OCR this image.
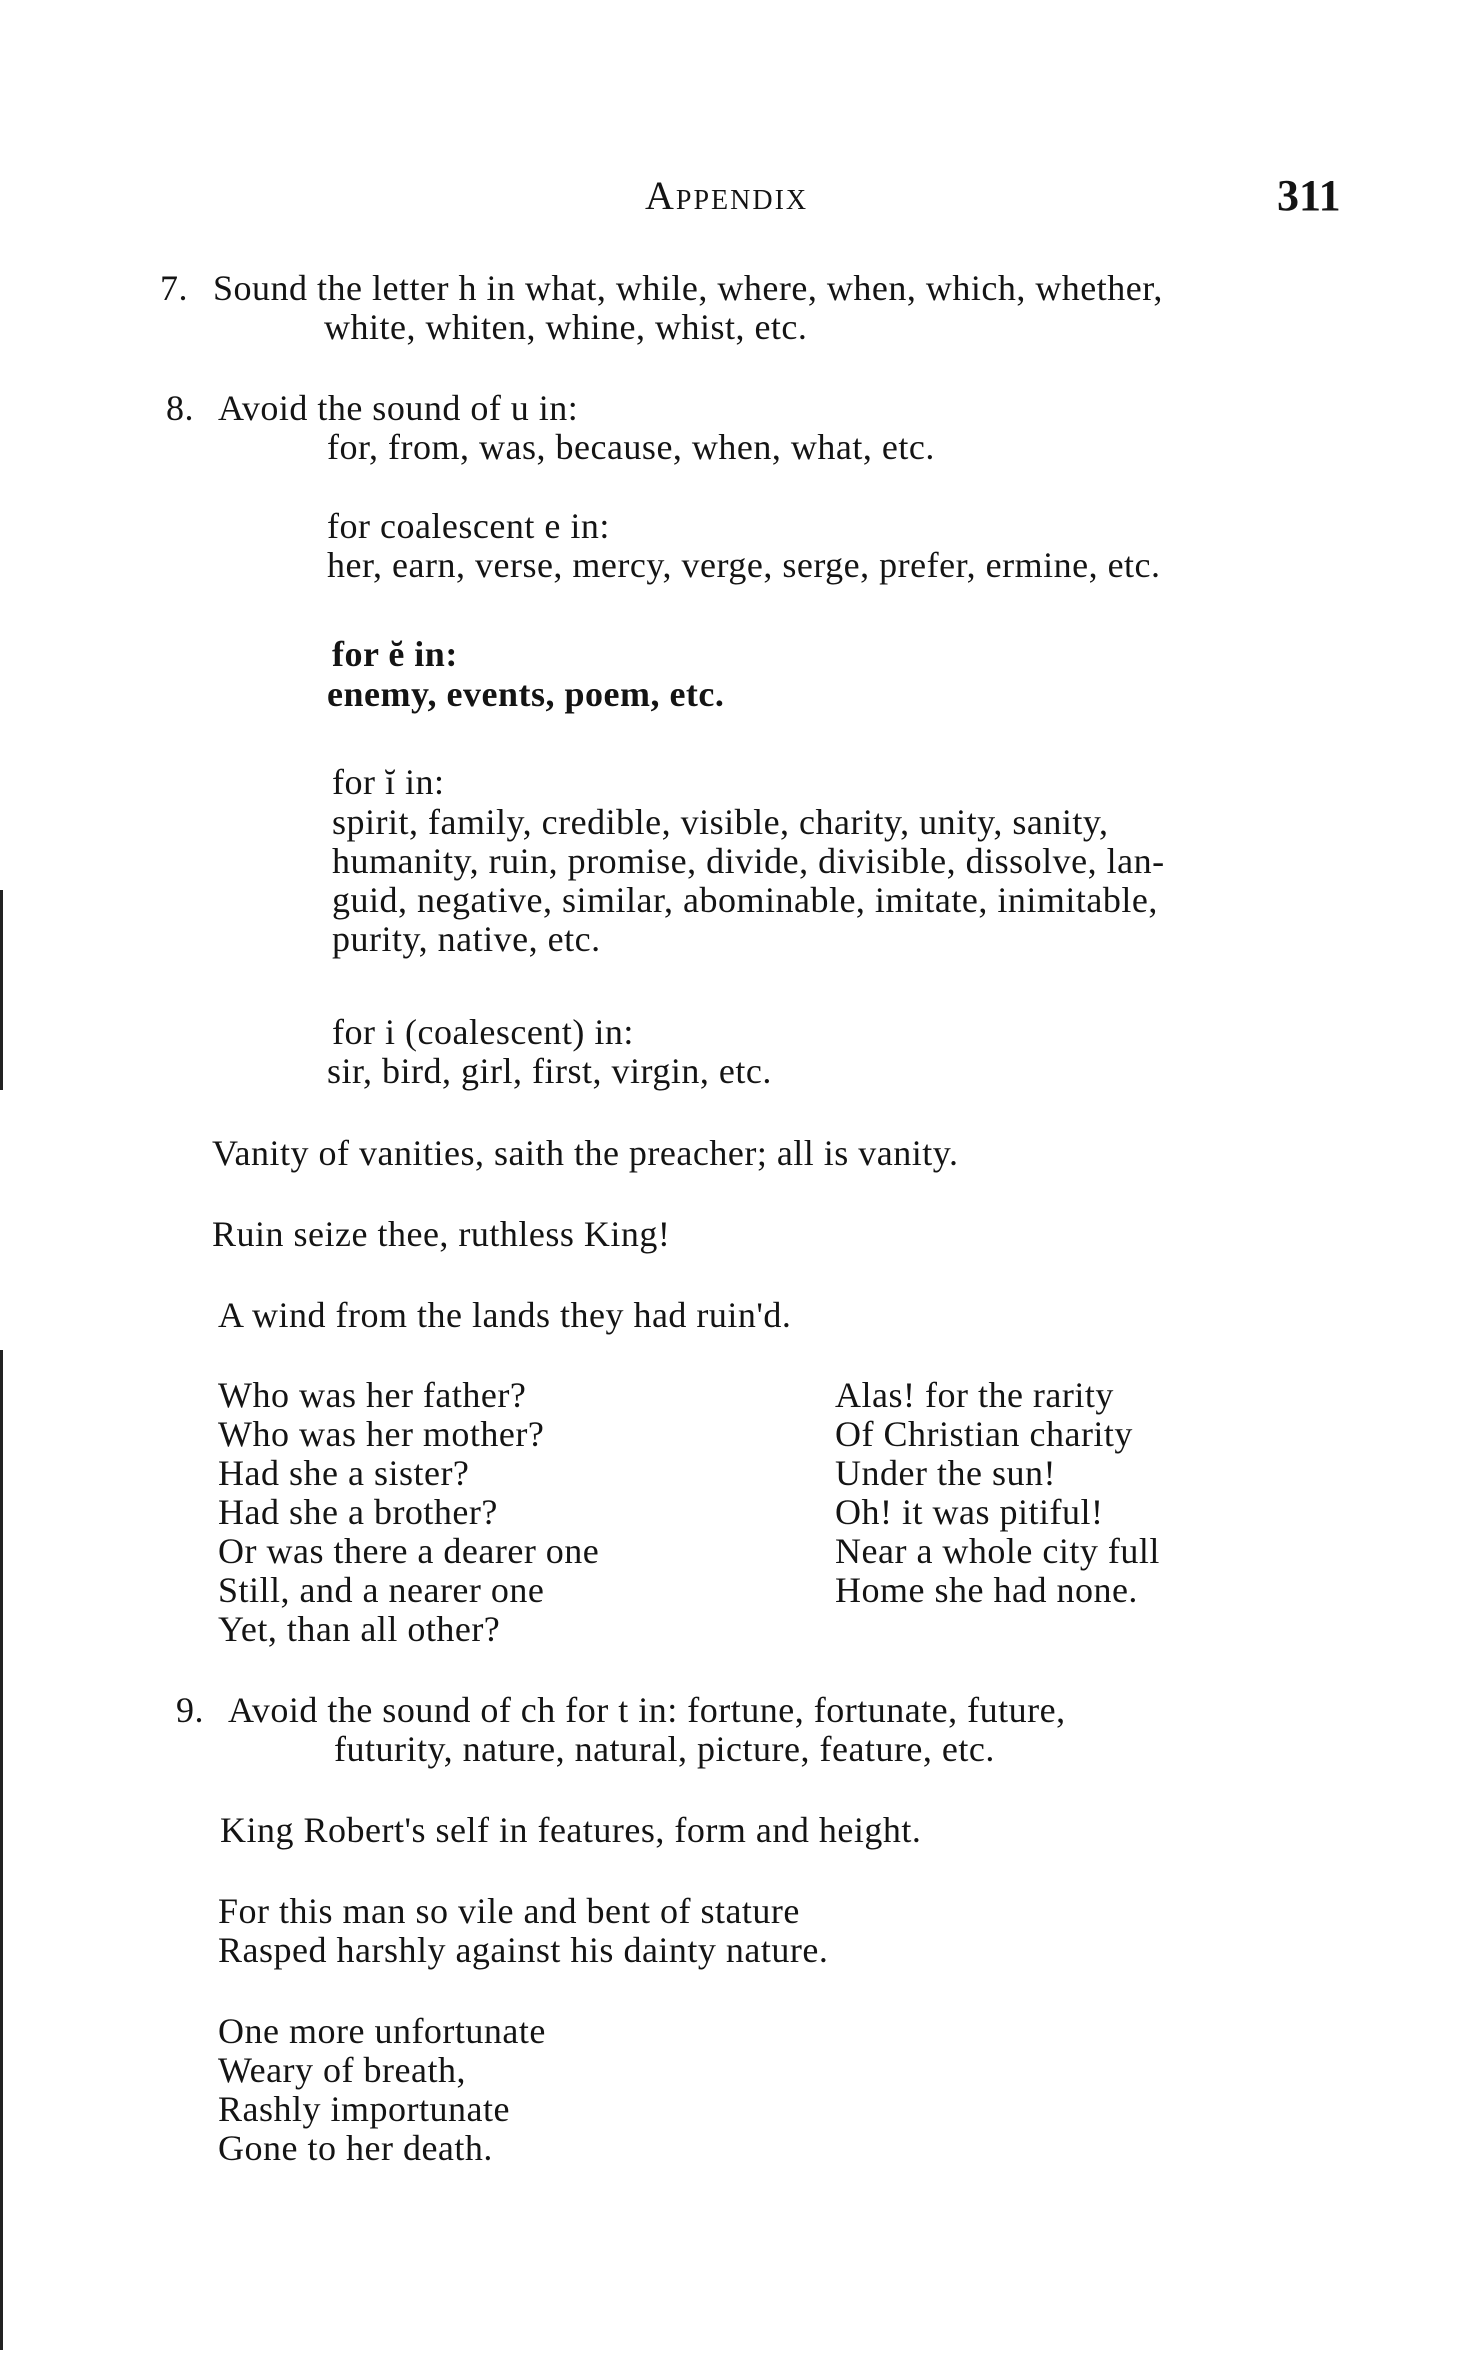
Appendix	311
7. Sound the letter h in what, while, where, when, which, whether,
white, whiten, whine, whist, etc.
8. Avoid the sound of u in:
for, from, was, because, when, what, etc.
for coalescent e in:
her, earn, verse, mercy, verge, serge, prefer, ermine, etc.
for ĕ in:
enemy, events, poem, etc.
for ĭ in:
spirit, family, credible, visible, charity, unity, sanity,
humanity, ruin, promise, divide, divisible, dissolve, lan-
guid, negative, similar, abominable, imitate, inimitable,
purity, native, etc.
for i (coalescent) in:
sir, bird, girl, first, virgin, etc.
Vanity of vanities, saith the preacher; all is vanity.
Ruin seize thee, ruthless King!
A wind from the lands they had ruin'd.
Who was her father?
Who was her mother?
Had she a sister?
Had she a brother?
Or was there a dearer one
Still, and a nearer one
Yet, than all other?
Alas! for the rarity
Of Christian charity
Under the sun!
Oh! it was pitiful!
Near a whole city full
Home she had none.
9. Avoid the sound of ch for t in: fortune, fortunate, future,
futurity, nature, natural, picture, feature, etc.
King Robert's self in features, form and height.
For this man so vile and bent of stature
Rasped harshly against his dainty nature.
One more unfortunate
Weary of breath,
Rashly importunate
Gone to her death.
